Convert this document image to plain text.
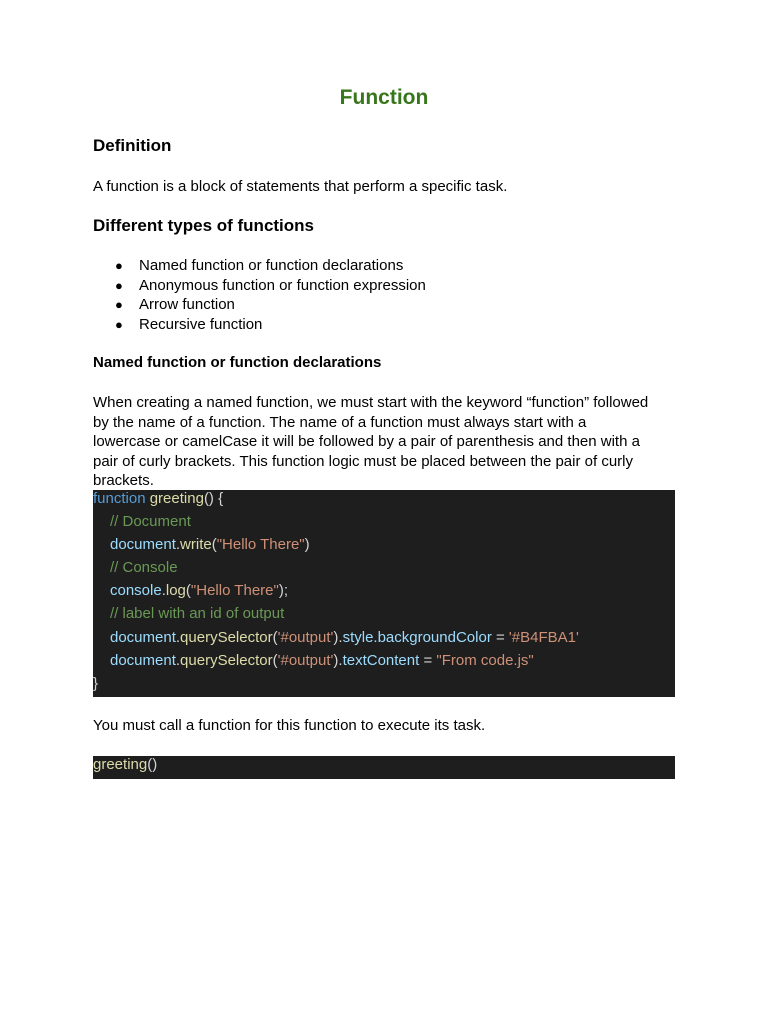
Function
Definition

A function is a block of statements that perform a specific task.

Different types of functions
● Named function or function declarations
● Anonymous function or function expression
● Arrow function
● Recursive function
Named function or function declarations

When creating a named function, we must start with the keyword “function” followed

by the name of a function. The name of a function must always start with a

lowercase or camelCase it will be followed by a pair of parenthesis and then with a

pair of curly brackets. This function logic must be placed between the pair of curly

brackets.

function greeting() {
// Document
document.write("Hello There")
// Console
console.log("Hello There");
// label with an id of output
document.querySelector('#output').style.backgroundColor = '#B4FBA1'
document.querySelector('#output').textContent = "From code.js"
}

You must call a function for this function to execute its task.

greeting()
